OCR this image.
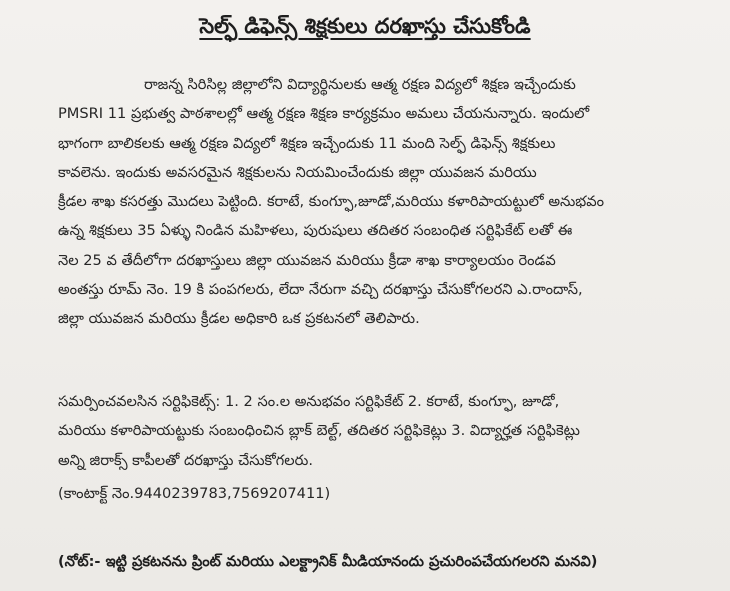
సెల్ఫ్ డిఫెన్స్ శిక్షకులు దరఖాస్తు చేసుకోండి
రాజన్న సిరిసిల్ల జిల్లాలోని విద్యార్థినులకు ఆత్మ రక్షణ విద్యలో శిక్షణ ఇచ్చేందుకు
PMSRI 11 ప్రభుత్వ పాఠశాలల్లో ఆత్మ రక్షణ శిక్షణ కార్యక్రమం అమలు చేయనున్నారు. ఇందులో
భాగంగా బాలికలకు ఆత్మ రక్షణ విద్యలో శిక్షణ ఇచ్చేందుకు 11 మంది సెల్ఫ్ డిఫెన్స్ శిక్షకులు
కావలెను. ఇందుకు అవసరమైన శిక్షకులను నియమించేందుకు జిల్లా యువజన మరియు
క్రీడల శాఖ కసరత్తు మొదలు పెట్టింది. కరాటే, కుంగ్ఫూ,జూడో,మరియు కళారిపాయట్టులో అనుభవం
ఉన్న శిక్షకులు 35 ఏళ్ళు నిండిన మహిళలు, పురుషులు తదితర సంబంధిత సర్టిఫికేట్ లతో ఈ
నెల 25 వ తేదీలోగా దరఖాస్తులు జిల్లా యువజన మరియు క్రీడా శాఖ కార్యాలయం రెండవ
అంతస్తు రూమ్ నెం. 19 కి పంపగలరు, లేదా నేరుగా వచ్చి దరఖాస్తు చేసుకోగలరని ఎ.రాందాస్,
జిల్లా యువజన మరియు క్రీడల అధికారి ఒక ప్రకటనలో తెలిపారు.
సమర్పించవలసిన సర్టిఫికెట్స్: 1. 2 సం.ల అనుభవం సర్టిఫికేట్ 2. కరాటే, కుంగ్ఫూ, జూడో,
మరియు కళారిపాయట్టుకు సంబంధించిన బ్లాక్ బెల్ట్, తదితర సర్టిఫికెట్లు 3. విద్యార్హత సర్టిఫికెట్లు
అన్ని జిరాక్స్ కాపీలతో దరఖాస్తు చేసుకోగలరు.
(కాంటాక్ట్ నెం.9440239783,7569207411)
(నోట్:- ఇట్టి ప్రకటనను ప్రింట్ మరియు ఎలక్ట్రానిక్ మీడియానందు ప్రచురింపచేయగలరని మనవి)
